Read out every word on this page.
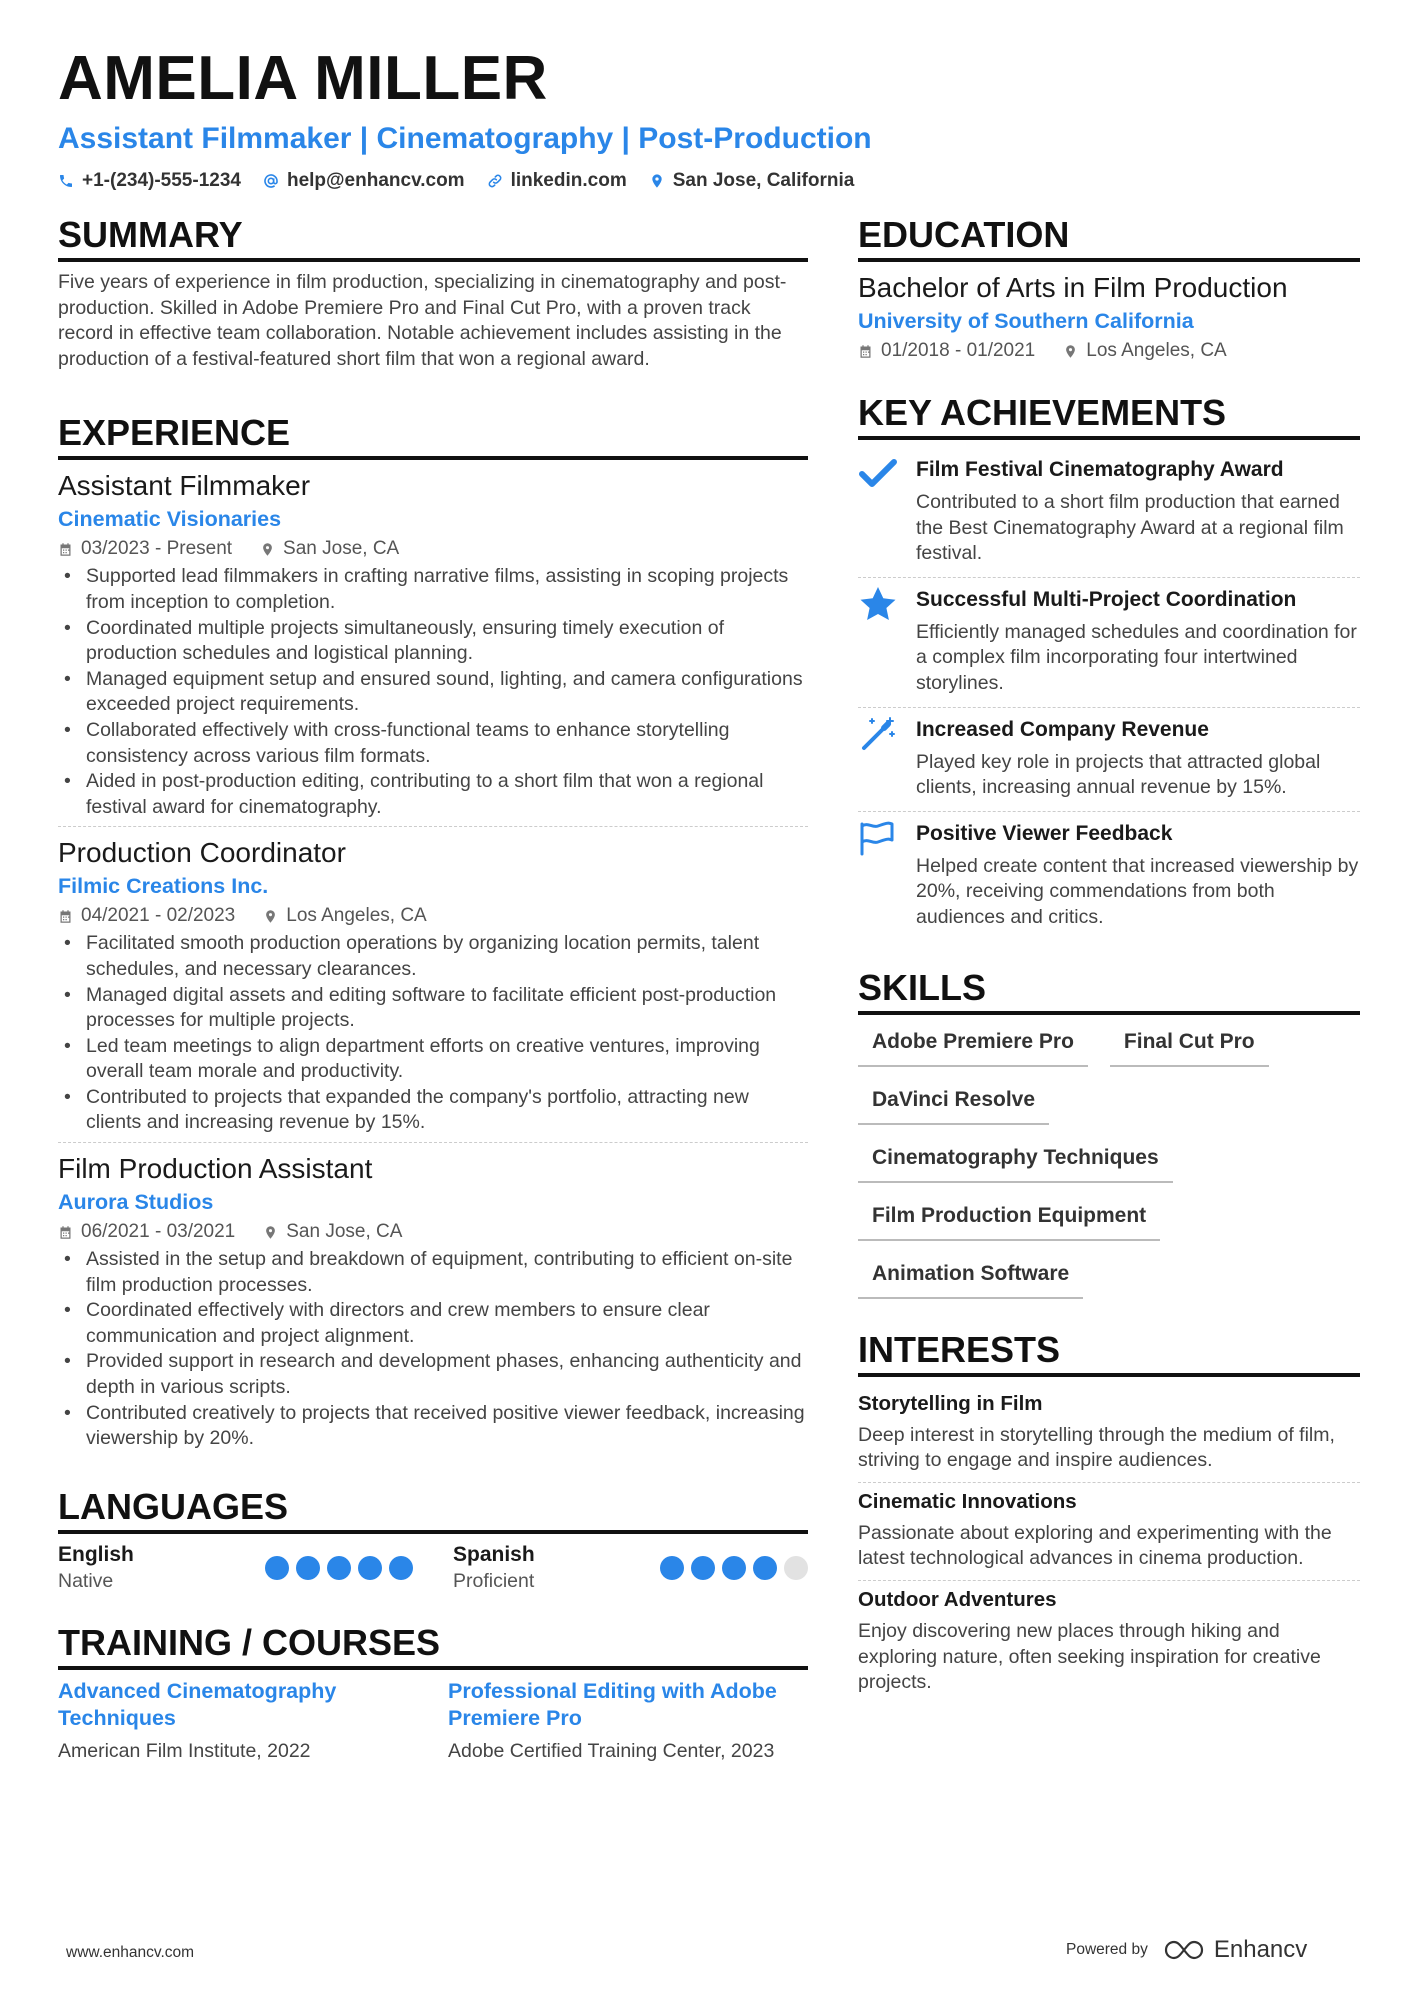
AMELIA MILLER
Assistant Filmmaker | Cinematography | Post-Production
+1-(234)-555-1234 help@enhancv.com linkedin.com San Jose, California
SUMMARY
Five years of experience in film production, specializing in cinematography and post-production. Skilled in Adobe Premiere Pro and Final Cut Pro, with a proven track record in effective team collaboration. Notable achievement includes assisting in the production of a festival-featured short film that won a regional award.
EXPERIENCE
Assistant Filmmaker
Cinematic Visionaries
03/2023 - Present	San Jose, CA
• Supported lead filmmakers in crafting narrative films, assisting in scoping projects from inception to completion.
• Coordinated multiple projects simultaneously, ensuring timely execution of production schedules and logistical planning.
• Managed equipment setup and ensured sound, lighting, and camera configurations exceeded project requirements.
• Collaborated effectively with cross-functional teams to enhance storytelling consistency across various film formats.
• Aided in post-production editing, contributing to a short film that won a regional festival award for cinematography.
Production Coordinator
Filmic Creations Inc.
04/2021 - 02/2023	Los Angeles, CA
• Facilitated smooth production operations by organizing location permits, talent schedules, and necessary clearances.
• Managed digital assets and editing software to facilitate efficient post-production processes for multiple projects.
• Led team meetings to align department efforts on creative ventures, improving overall team morale and productivity.
• Contributed to projects that expanded the company's portfolio, attracting new clients and increasing revenue by 15%.
Film Production Assistant
Aurora Studios
06/2021 - 03/2021	San Jose, CA
• Assisted in the setup and breakdown of equipment, contributing to efficient on-site film production processes.
• Coordinated effectively with directors and crew members to ensure clear communication and project alignment.
• Provided support in research and development phases, enhancing authenticity and depth in various scripts.
• Contributed creatively to projects that received positive viewer feedback, increasing viewership by 20%.
LANGUAGES
English
Native
Spanish
Proficient
TRAINING / COURSES
Advanced Cinematography Techniques
American Film Institute, 2022
Professional Editing with Adobe Premiere Pro
Adobe Certified Training Center, 2023
EDUCATION
Bachelor of Arts in Film Production
University of Southern California
01/2018 - 01/2021	Los Angeles, CA
KEY ACHIEVEMENTS
Film Festival Cinematography Award
Contributed to a short film production that earned the Best Cinematography Award at a regional film festival.
Successful Multi-Project Coordination
Efficiently managed schedules and coordination for a complex film incorporating four intertwined storylines.
Increased Company Revenue
Played key role in projects that attracted global clients, increasing annual revenue by 15%.
Positive Viewer Feedback
Helped create content that increased viewership by 20%, receiving commendations from both audiences and critics.
SKILLS
Adobe Premiere Pro	Final Cut Pro
DaVinci Resolve
Cinematography Techniques
Film Production Equipment
Animation Software
INTERESTS
Storytelling in Film
Deep interest in storytelling through the medium of film, striving to engage and inspire audiences.
Cinematic Innovations
Passionate about exploring and experimenting with the latest technological advances in cinema production.
Outdoor Adventures
Enjoy discovering new places through hiking and exploring nature, often seeking inspiration for creative projects.
www.enhancv.com	Powered by	Enhancv
